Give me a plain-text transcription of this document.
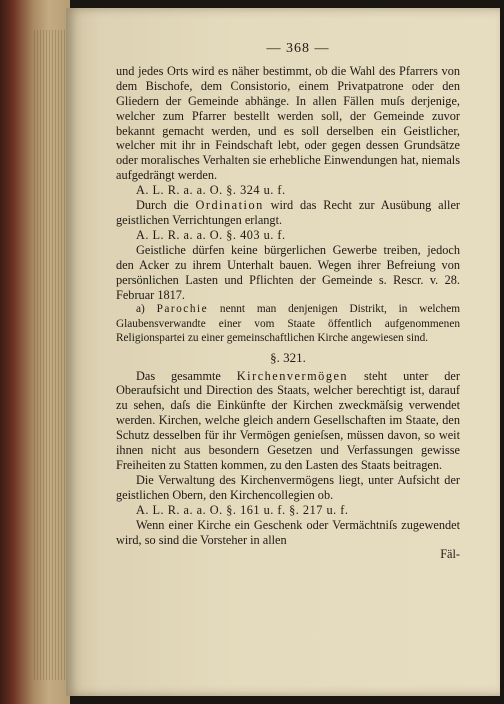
— 368 —

und jedes Orts wird es näher bestimmt, ob die Wahl des Pfarrers von dem Bischofe, dem Consistorio, einem Privatpatrone oder den Gliedern der Gemeinde abhänge. In allen Fällen muſs derjenige, welcher zum Pfarrer bestellt werden soll, der Gemeinde zuvor bekannt gemacht werden, und es soll derselben ein Geistlicher, welcher mit ihr in Feindschaft lebt, oder gegen dessen Grundsätze oder moralisches Verhalten sie erhebliche Einwendungen hat, niemals aufgedrängt werden.

A. L. R. a. a. O. §. 324 u. f.

Durch die Ordination wird das Recht zur Ausübung aller geistlichen Verrichtungen erlangt.

A. L. R. a. a. O. §. 403 u. f.

Geistliche dürfen keine bürgerlichen Gewerbe treiben, jedoch den Acker zu ihrem Unterhalt bauen. Wegen ihrer Befreiung von persönlichen Lasten und Pflichten der Gemeinde s. Rescr. v. 28. Februar 1817.

a) Parochie nennt man denjenigen Distrikt, in welchem Glaubensverwandte einer vom Staate öffentlich aufgenommenen Religionspartei zu einer gemeinschaftlichen Kirche angewiesen sind.

§. 321.

Das gesammte Kirchenvermögen steht unter der Oberaufsicht und Direction des Staats, welcher berechtigt ist, darauf zu sehen, daſs die Einkünfte der Kirchen zweckmäſsig verwendet werden. Kirchen, welche gleich andern Gesellschaften im Staate, den Schutz desselben für ihr Vermögen genieſsen, müssen davon, so weit ihnen nicht aus besondern Gesetzen und Verfassungen gewisse Freiheiten zu Statten kommen, zu den Lasten des Staats beitragen.

Die Verwaltung des Kirchenvermögens liegt, unter Aufsicht der geistlichen Obern, den Kirchencollegien ob.

A. L. R. a. a. O. §. 161 u. f. §. 217 u. f.

Wenn einer Kirche ein Geschenk oder Vermächtniſs zugewendet wird, so sind die Vorsteher in allen

Fäl-
